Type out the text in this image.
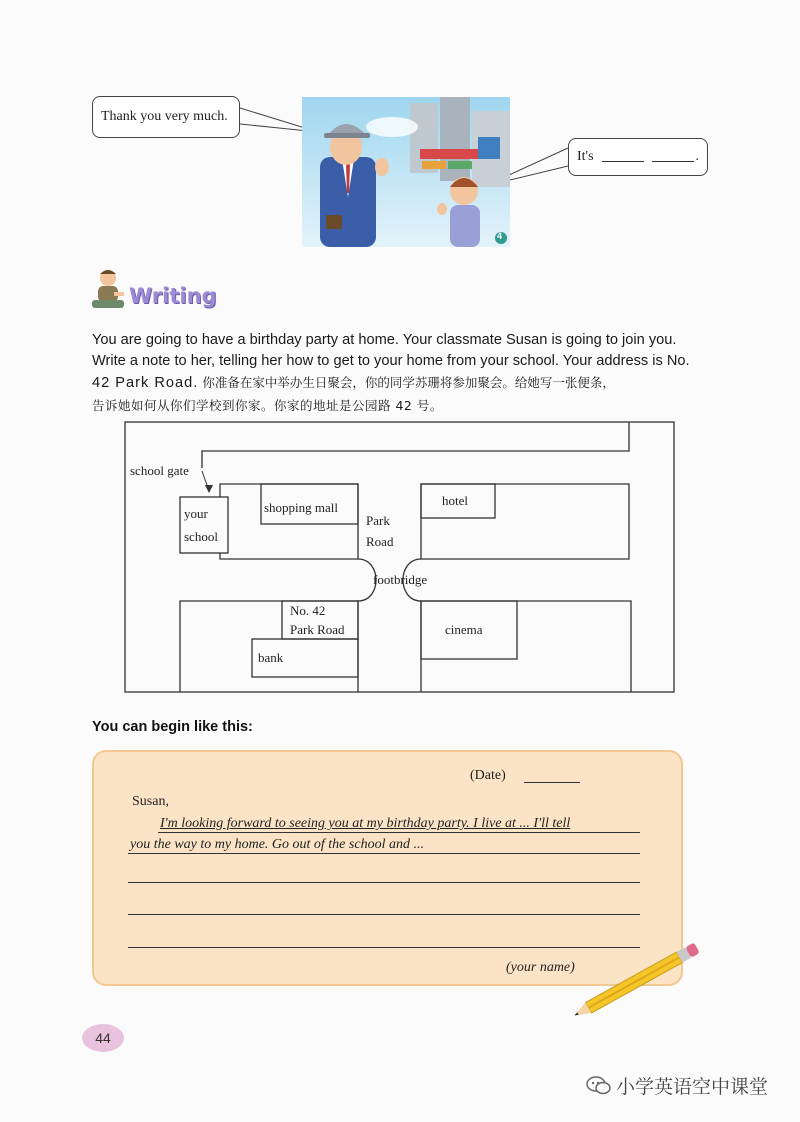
Thank you very much.
It's	.
4
Writing
You are going to have a birthday party at home. Your classmate Susan is going to join you.
Write a note to her, telling her how to get to your home from your school. Your address is No.
42 Park Road. 你准备在家中举办生日聚会，你的同学苏珊将参加聚会。给她写一张便条，
告诉她如何从你们学校到你家。你家的地址是公园路 42 号。
school gate
your
school
shopping mall
Park
Road
hotel
footbridge
No. 42
Park Road
bank
cinema
You can begin like this:
(Date)
Susan,
I'm looking forward to seeing you at my birthday party. I live at ... I'll tell
you the way to my home. Go out of the school and ...
(your name)
44
小学英语空中课堂
